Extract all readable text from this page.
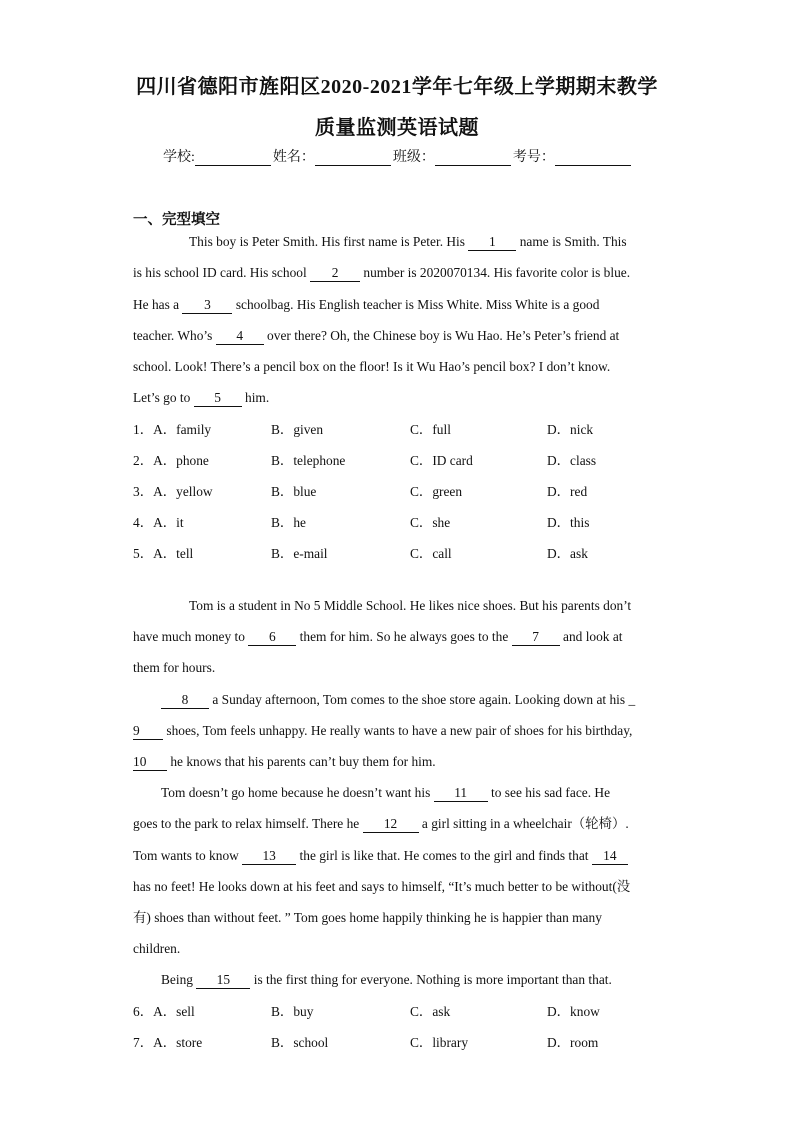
四川省德阳市旌阳区2020-2021学年七年级上学期期末教学
质量监测英语试题
学校:	姓名：	班级：	考号：
一、完型填空
This boy is Peter Smith. His first name is Peter. His 1 name is Smith. This
is his school ID card. His school 2 number is 2020070134. His favorite color is blue.
He has a 3 schoolbag. His English teacher is Miss White. Miss White is a good
teacher. Who’s 4 over there? Oh, the Chinese boy is Wu Hao. He’s Peter’s friend at
school. Look! There’s a pencil box on the floor! Is it Wu Hao’s pencil box? I don’t know.
Let’s go to 5 him.
1．A．family	B．given	C．full	D．nick
2．A．phone	B．telephone	C．ID card	D．class
3．A．yellow	B．blue	C．green	D．red
4．A．it	B．he	C．she	D．this
5．A．tell	B．e-mail	C．call	D．ask
Tom is a student in No 5 Middle School. He likes nice shoes. But his parents don’t
have much money to 6 them for him. So he always goes to the 7 and look at
them for hours.
8 a Sunday afternoon, Tom comes to the shoe store again. Looking down at his _
9 shoes, Tom feels unhappy. He really wants to have a new pair of shoes for his birthday,
10 he knows that his parents can’t buy them for him.
Tom doesn’t go home because he doesn’t want his 11 to see his sad face. He
goes to the park to relax himself. There he 12 a girl sitting in a wheelchair（轮椅）.
Tom wants to know 13 the girl is like that. He comes to the girl and finds that 14
has no feet! He looks down at his feet and says to himself, “It’s much better to be without(没
有) shoes than without feet. ” Tom goes home happily thinking he is happier than many
children.
Being 15 is the first thing for everyone. Nothing is more important than that.
6．A．sell	B．buy	C．ask	D．know
7．A．store	B．school	C．library	D．room
